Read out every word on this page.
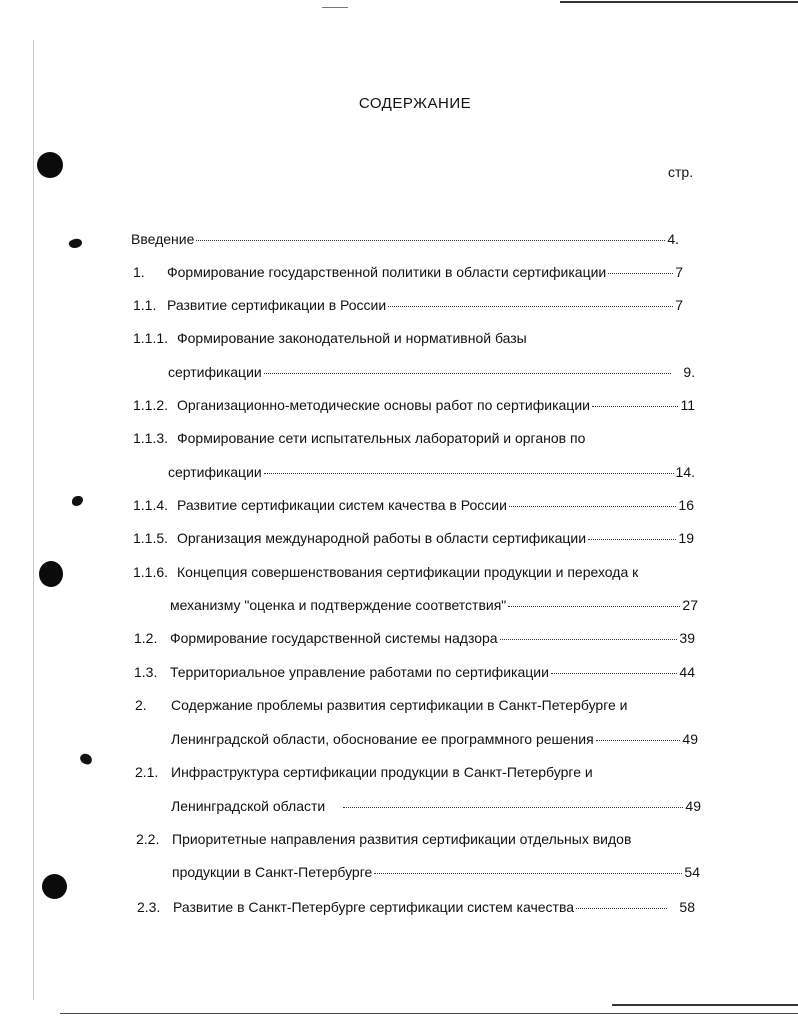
СОДЕРЖАНИЕ
стр.
Введение	4.
1.	Формирование государственной политики в области сертификации	7
1.1. Развитие сертификации в России	7
1.1.1. Формирование законодательной и нормативной базы
сертификации	9.
1.1.2. Организационно-методические основы работ по сертификации	11
1.1.3. Формирование сети испытательных лабораторий и органов по
сертификации	14.
1.1.4. Развитие сертификации систем качества в России	16
1.1.5. Организация международной работы в области сертификации	19
1.1.6. Концепция совершенствования сертификации продукции и перехода к
механизму "оценка и подтверждение соответствия"	27
1.2. Формирование государственной системы надзора	39
1.3. Территориальное управление работами по сертификации	44
2.	Содержание проблемы развития сертификации в Санкт-Петербурге и
Ленинградской области, обоснование ее программного решения	49
2.1. Инфраструктура сертификации продукции в Санкт-Петербурге и
Ленинградской области	49
2.2. Приоритетные направления развития сертификации отдельных видов
продукции в Санкт-Петербурге	54
2.3. Развитие в Санкт-Петербурге сертификации систем качества	58
